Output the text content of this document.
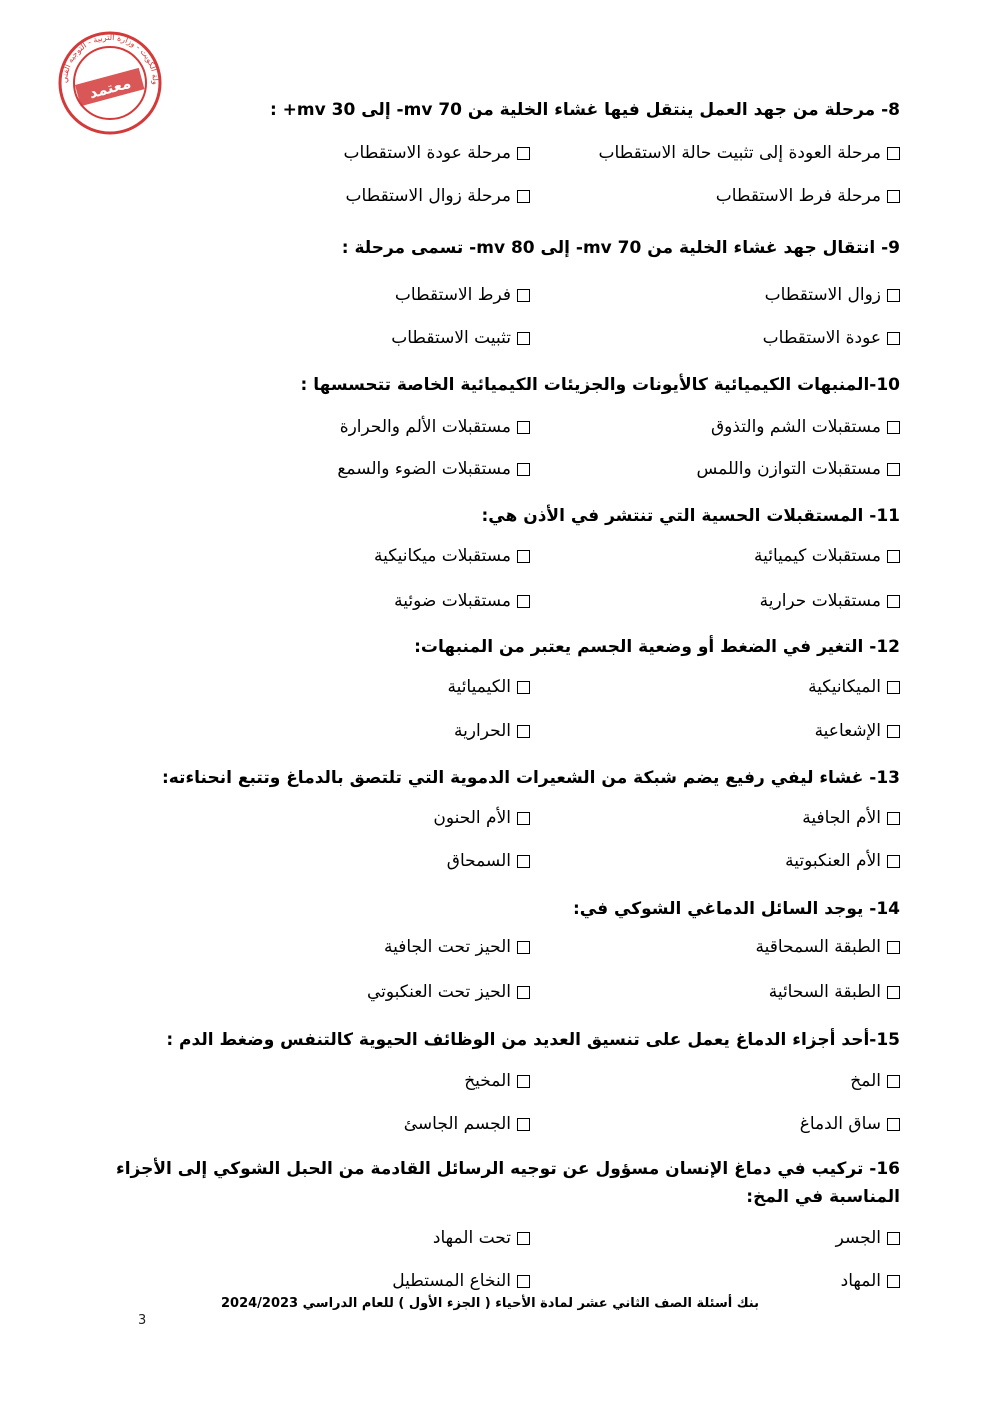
ولة الكويت - وزارة التربية - التوجيه الفني
معتمد
8- مرحلة من جهد العمل ينتقل فيها غشاء الخلية من mv 70- إلى 30 mv+ :
مرحلة العودة إلى تثبيت حالة الاستقطاب
مرحلة عودة الاستقطاب
مرحلة فرط الاستقطاب
مرحلة زوال الاستقطاب
9- انتقال جهد غشاء الخلية من mv 70- إلى mv 80- تسمى مرحلة :
زوال الاستقطاب
فرط الاستقطاب
عودة الاستقطاب
تثبيت الاستقطاب
10-المنبهات الكيميائية كالأيونات والجزيئات الكيميائية الخاصة تتحسسها :
مستقبلات الشم والتذوق
مستقبلات الألم والحرارة
مستقبلات التوازن واللمس
مستقبلات الضوء والسمع
11- المستقبلات الحسية التي تنتشر في الأذن هي:
مستقبلات كيميائية
مستقبلات ميكانيكية
مستقبلات حرارية
مستقبلات ضوئية
12- التغير في الضغط أو وضعية الجسم يعتبر من المنبهات:
الميكانيكية
الكيميائية
الإشعاعية
الحرارية
13- غشاء ليفي رفيع يضم شبكة من الشعيرات الدموية التي تلتصق بالدماغ وتتبع انحناءته:
الأم الجافية
الأم الحنون
الأم العنكبوتية
السمحاق
14- يوجد السائل الدماغي الشوكي في:
الطبقة السمحاقية
الحيز تحت الجافية
الطبقة السحائية
الحيز تحت العنكبوتي
15-أحد أجزاء الدماغ يعمل على تنسيق العديد من الوظائف الحيوية كالتنفس وضغط الدم :
المخ
المخيخ
ساق الدماغ
الجسم الجاسئ
16- تركيب في دماغ الإنسان مسؤول عن توجيه الرسائل القادمة من الحبل الشوكي إلى الأجزاء المناسبة في المخ:
الجسر
تحت المهاد
المهاد
النخاع المستطيل
بنك أسئلة الصف الثاني عشر لمادة الأحياء ( الجزء الأول ) للعام الدراسي 2024/2023
3
